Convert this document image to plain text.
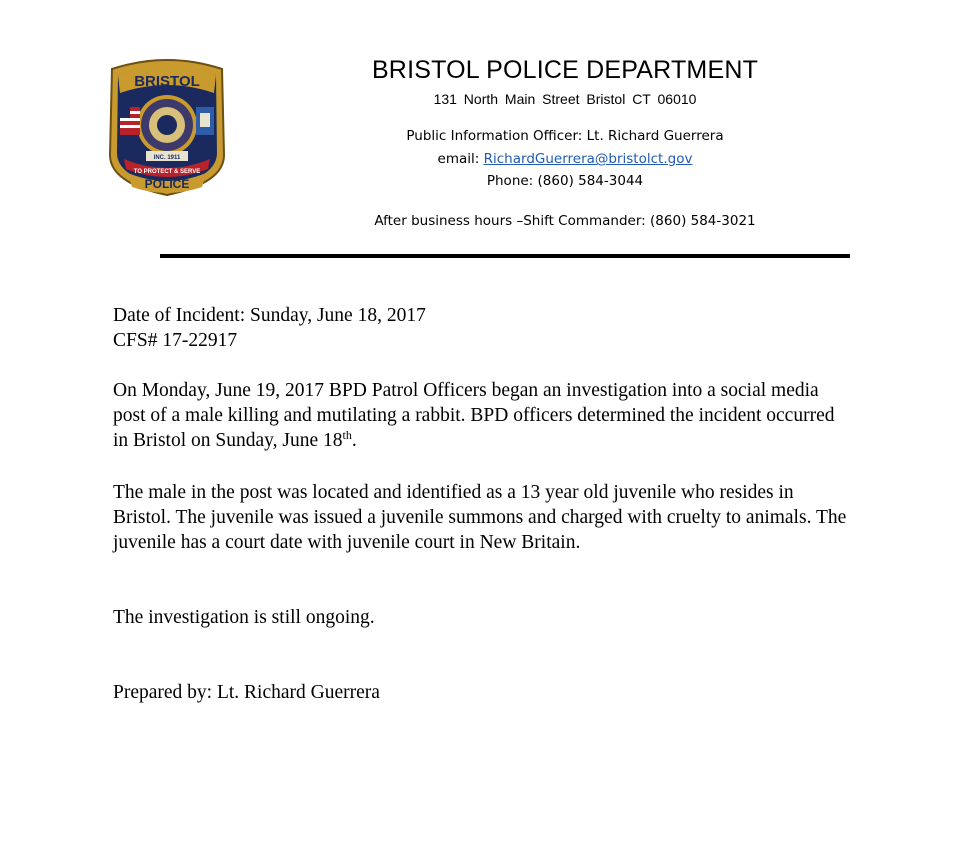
BRISTOL
INC. 1911
TO PROTECT & SERVE
POLICE
BRISTOL POLICE DEPARTMENT
131 North Main Street Bristol CT 06010
Public Information Officer: Lt. Richard Guerrera
email: RichardGuerrera@bristolct.gov
Phone: (860) 584-3044
After business hours –Shift Commander: (860) 584-3021

Date of Incident: Sunday, June 18, 2017

CFS# 17-22917

On Monday, June 19, 2017 BPD Patrol Officers began an investigation into a social media post of a male killing and mutilating a rabbit. BPD officers determined the incident occurred in Bristol on Sunday, June 18th.

The male in the post was located and identified as a 13 year old juvenile who resides in Bristol. The juvenile was issued a juvenile summons and charged with cruelty to animals. The juvenile has a court date with juvenile court in New Britain.

The investigation is still ongoing.

Prepared by: Lt. Richard Guerrera
